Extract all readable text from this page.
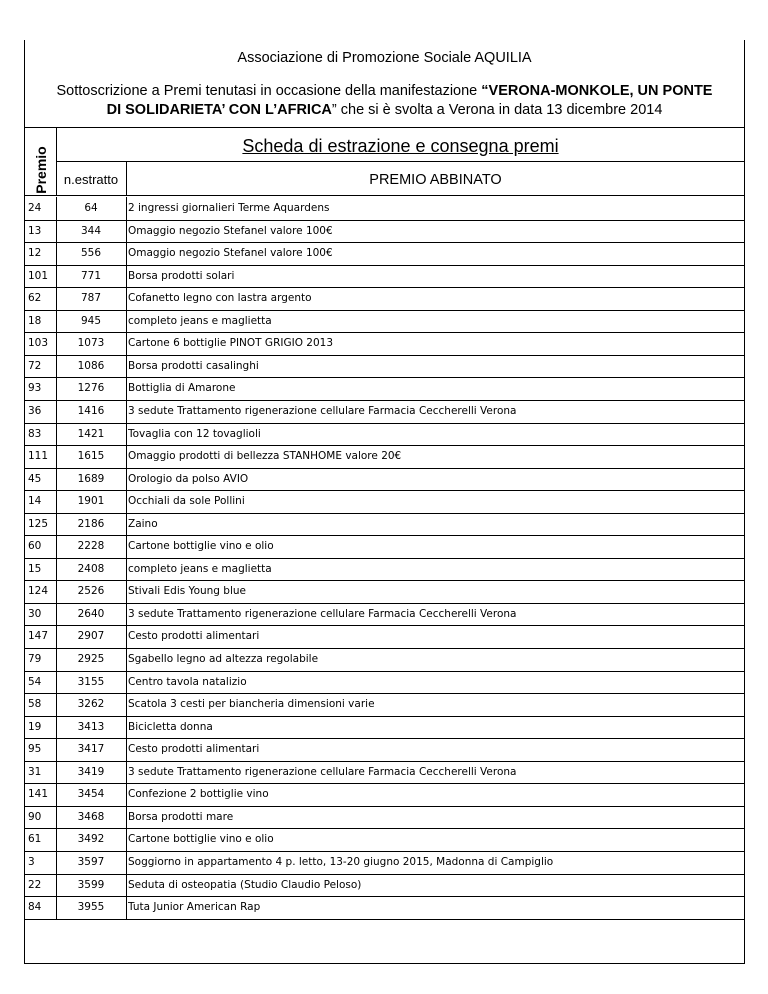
Associazione di Promozione Sociale AQUILIA
Sottoscrizione a Premi tenutasi in occasione della manifestazione “VERONA-MONKOLE, UN PONTE
DI SOLIDARIETA’ CON L’AFRICA” che si è svolta a Verona in data 13 dicembre 2014
Premio
Scheda di estrazione e consegna premi
n.estratto	PREMIO ABBINATO
24	64	2 ingressi giornalieri Terme Aquardens
13	344	Omaggio negozio Stefanel valore 100€
12	556	Omaggio negozio Stefanel valore 100€
101	771	Borsa prodotti solari
62	787	Cofanetto legno con lastra argento
18	945	completo jeans e maglietta
103	1073	Cartone 6 bottiglie PINOT GRIGIO 2013
72	1086	Borsa prodotti casalinghi
93	1276	Bottiglia di Amarone
36	1416	3 sedute Trattamento rigenerazione cellulare Farmacia Ceccherelli Verona
83	1421	Tovaglia con 12 tovaglioli
111	1615	Omaggio prodotti di bellezza STANHOME valore 20€
45	1689	Orologio da polso AVIO
14	1901	Occhiali da sole Pollini
125	2186	Zaino
60	2228	Cartone bottiglie vino e olio
15	2408	completo jeans e maglietta
124	2526	Stivali Edis Young blue
30	2640	3 sedute Trattamento rigenerazione cellulare Farmacia Ceccherelli Verona
147	2907	Cesto prodotti alimentari
79	2925	Sgabello legno ad altezza regolabile
54	3155	Centro tavola natalizio
58	3262	Scatola 3 cesti per biancheria dimensioni varie
19	3413	Bicicletta donna
95	3417	Cesto prodotti alimentari
31	3419	3 sedute Trattamento rigenerazione cellulare Farmacia Ceccherelli Verona
141	3454	Confezione 2 bottiglie vino
90	3468	Borsa prodotti mare
61	3492	Cartone bottiglie vino e olio
3	3597	Soggiorno in appartamento 4 p. letto, 13-20 giugno 2015, Madonna di Campiglio
22	3599	Seduta di osteopatia (Studio Claudio Peloso)
84	3955	Tuta Junior American Rap
